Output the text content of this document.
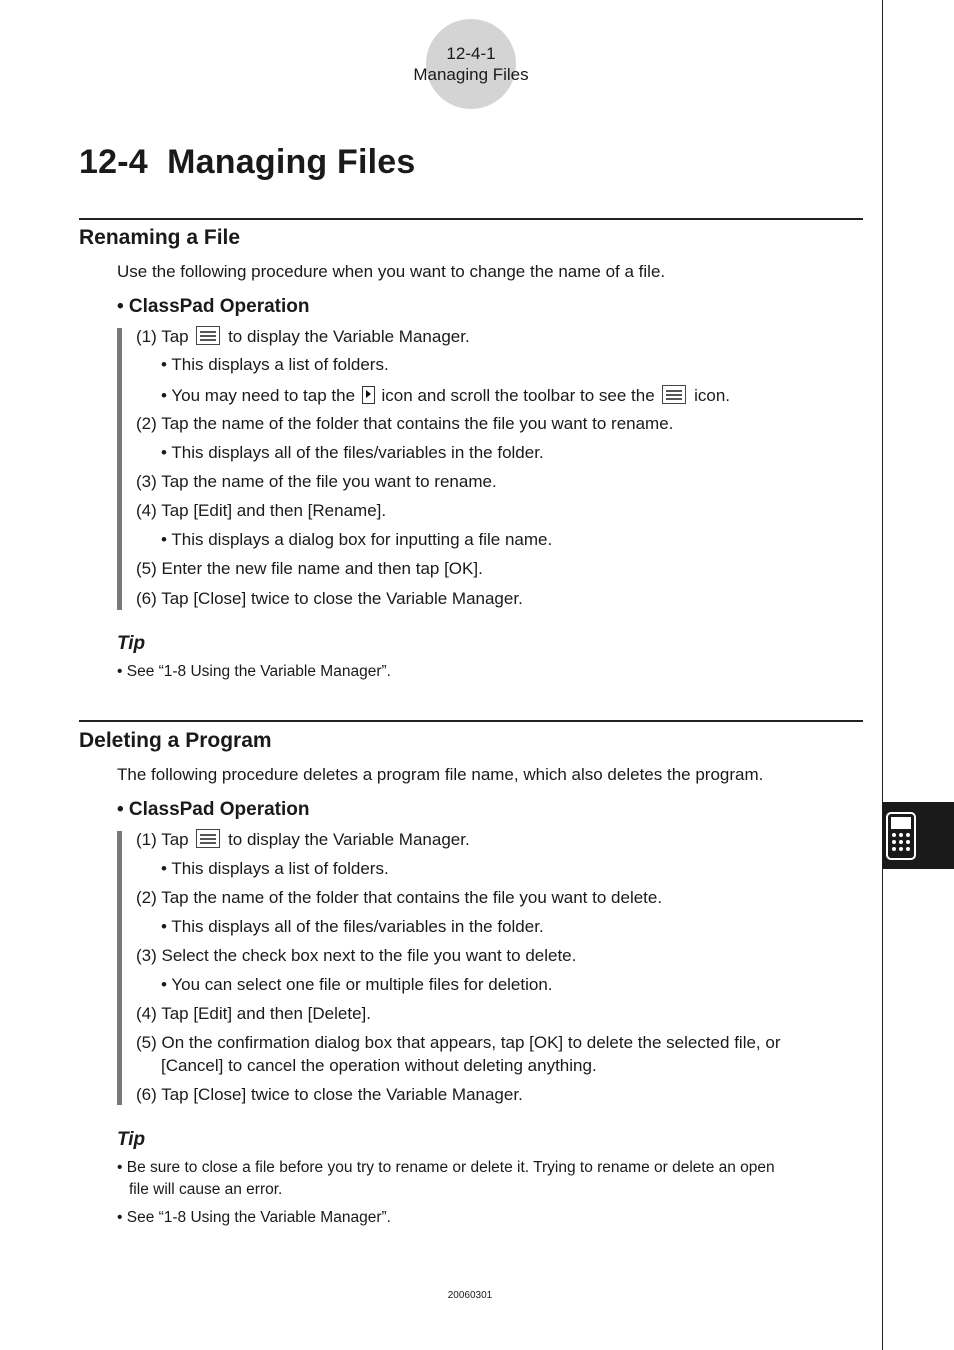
12-4-1
Managing Files
12-4  Managing Files
Renaming a File
Use the following procedure when you want to change the name of a file.
• ClassPad Operation
(1) Tap to display the Variable Manager.
• This displays a list of folders.
• You may need to tap the icon and scroll the toolbar to see the icon.
(2) Tap the name of the folder that contains the file you want to rename.
• This displays all of the files/variables in the folder.
(3) Tap the name of the file you want to rename.
(4) Tap [Edit] and then [Rename].
• This displays a dialog box for inputting a file name.
(5) Enter the new file name and then tap [OK].
(6) Tap [Close] twice to close the Variable Manager.
Tip
• See “1-8 Using the Variable Manager”.
Deleting a Program
The following procedure deletes a program file name, which also deletes the program.
• ClassPad Operation
(1) Tap to display the Variable Manager.
• This displays a list of folders.
(2) Tap the name of the folder that contains the file you want to delete.
• This displays all of the files/variables in the folder.
(3) Select the check box next to the file you want to delete.
• You can select one file or multiple files for deletion.
(4) Tap [Edit] and then [Delete].
(5) On the confirmation dialog box that appears, tap [OK] to delete the selected file, or
[Cancel] to cancel the operation without deleting anything.
(6) Tap [Close] twice to close the Variable Manager.
Tip
• Be sure to close a file before you try to rename or delete it. Trying to rename or delete an open
file will cause an error.
• See “1-8 Using the Variable Manager”.
20060301
